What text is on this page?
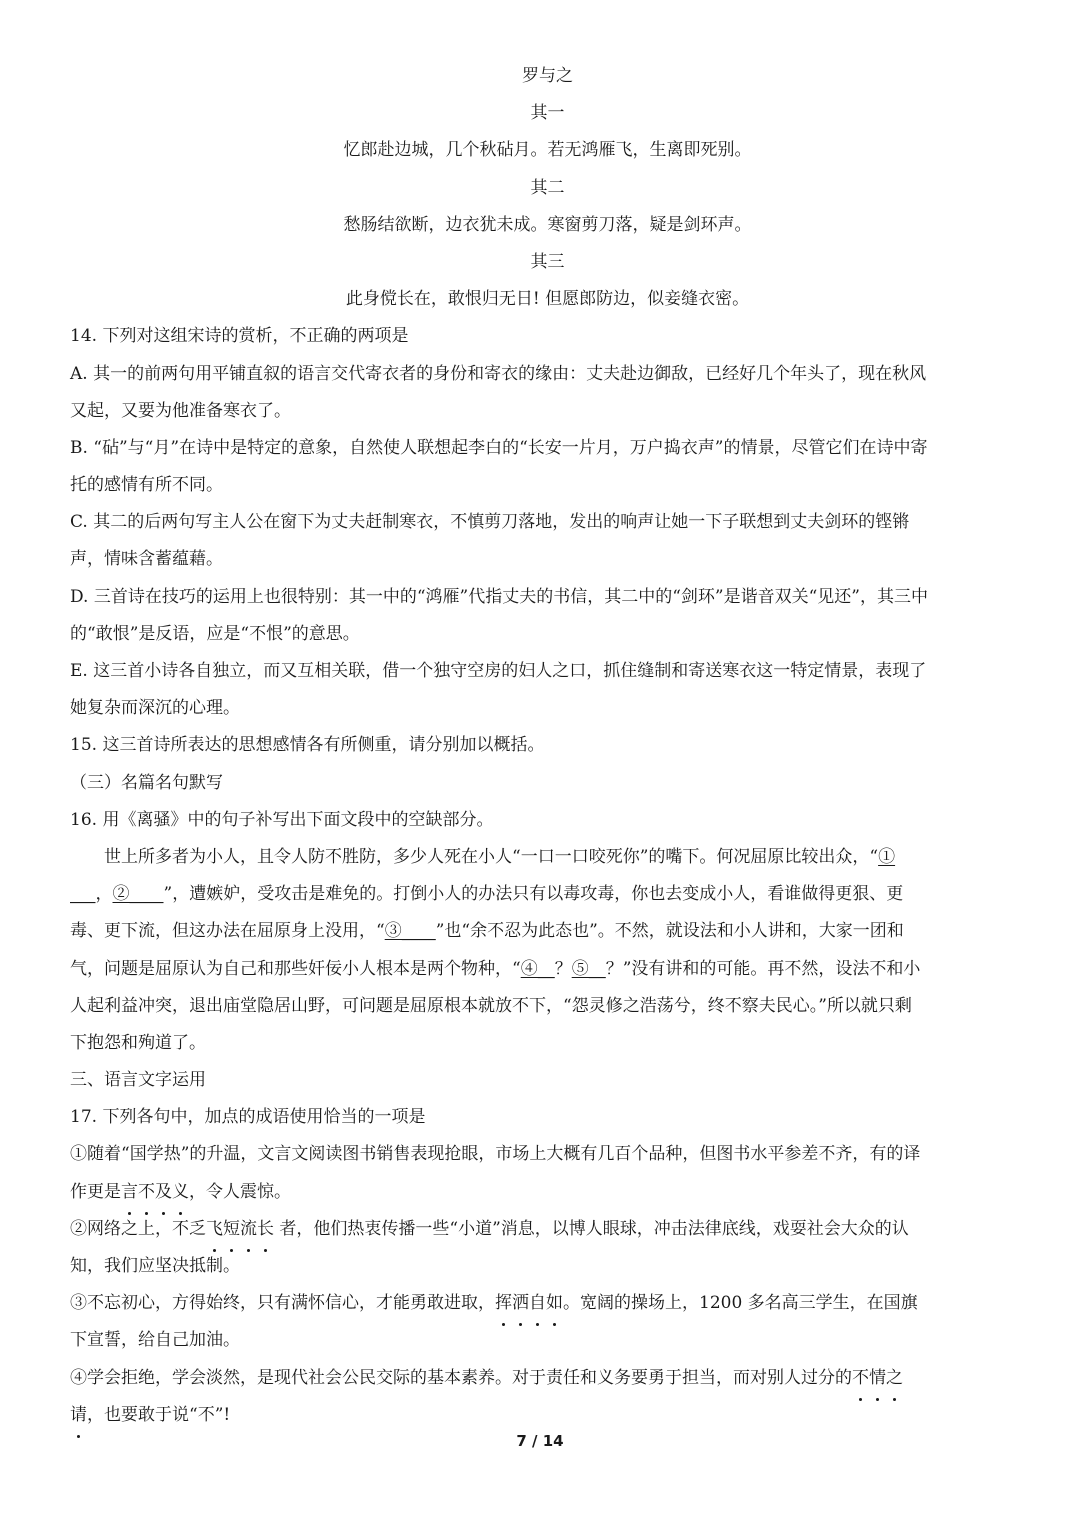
罗与之
其一
忆郎赴边城，几个秋砧月。若无鸿雁飞，生离即死别。
其二
愁肠结欲断，边衣犹未成。寒窗剪刀落，疑是剑环声。
其三
此身傥长在，敢恨归无日! 但愿郎防边，似妾缝衣密。
14. 下列对这组宋诗的赏析，不正确的两项是
A. 其一的前两句用平铺直叙的语言交代寄衣者的身份和寄衣的缘由：丈夫赴边御敌，已经好几个年头了，现在秋风
又起，又要为他准备寒衣了。
B. “砧”与“月”在诗中是特定的意象，自然使人联想起李白的“长安一片月，万户捣衣声”的情景，尽管它们在诗中寄
托的感情有所不同。
C. 其二的后两句写主人公在窗下为丈夫赶制寒衣，不慎剪刀落地，发出的响声让她一下子联想到丈夫剑环的铿锵
声，情味含蓄蕴藉。
D. 三首诗在技巧的运用上也很特别：其一中的“鸿雁”代指丈夫的书信，其二中的“剑环”是谐音双关“见还”，其三中
的“敢恨”是反语，应是“不恨”的意思。
E. 这三首小诗各自独立，而又互相关联，借一个独守空房的妇人之口，抓住缝制和寄送寒衣这一特定情景，表现了
她复杂而深沉的心理。
15. 这三首诗所表达的思想感情各有所侧重，请分别加以概括。
（三）名篇名句默写
16. 用《离骚》中的句子补写出下面文段中的空缺部分。
世上所多者为小人，且令人防不胜防，多少人死在小人“一口一口咬死你”的嘴下。何况屈原比较出众，“①
___，②____”，遭嫉妒，受攻击是难免的。打倒小人的办法只有以毒攻毒，你也去变成小人，看谁做得更狠、更
毒、更下流，但这办法在屈原身上没用，“③____”也“余不忍为此态也”。不然，就设法和小人讲和，大家一团和
气，问题是屈原认为自己和那些奸佞小人根本是两个物种，“④__？⑤__？”没有讲和的可能。再不然，设法不和小
人起利益冲突，退出庙堂隐居山野，可问题是屈原根本就放不下，“怨灵修之浩荡兮，终不察夫民心。”所以就只剩
下抱怨和殉道了。
三、语言文字运用
17. 下列各句中，加点的成语使用恰当的一项是
①随着“国学热”的升温，文言文阅读图书销售表现抢眼，市场上大概有几百个品种，但图书水平参差不齐，有的译
作更是言不及义，令人震惊。
②网络之上，不乏飞短流长 者，他们热衷传播一些“小道”消息，以博人眼球，冲击法律底线，戏耍社会大众的认
知，我们应坚决抵制。
③不忘初心，方得始终，只有满怀信心，才能勇敢进取，挥洒自如。宽阔的操场上，1200 多名高三学生，在国旗
下宣誓，给自己加油。
④学会拒绝，学会淡然，是现代社会公民交际的基本素养。对于责任和义务要勇于担当，而对别人过分的不情之
请，也要敢于说“不”!
7 / 14
